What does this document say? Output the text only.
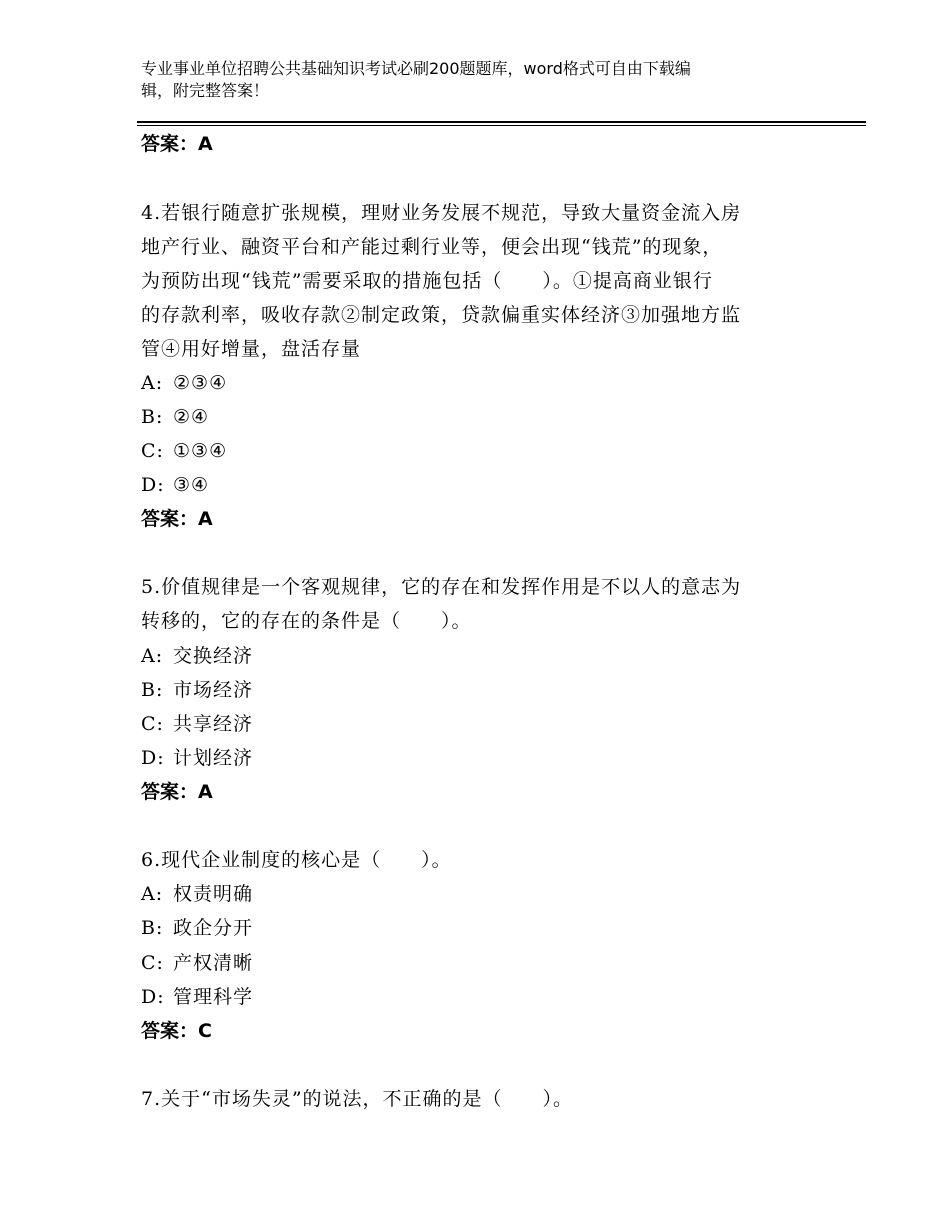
专业事业单位招聘公共基础知识考试必刷200题题库，word格式可自由下载编
辑，附完整答案！
答案：A
4.若银行随意扩张规模，理财业务发展不规范，导致大量资金流入房
地产行业、融资平台和产能过剩行业等，便会出现“钱荒”的现象，
为预防出现“钱荒”需要采取的措施包括（　　）。①提高商业银行
的存款利率，吸收存款②制定政策，贷款偏重实体经济③加强地方监
管④用好增量，盘活存量
A: ②③④
B: ②④
C: ①③④
D: ③④
答案：A
5.价值规律是一个客观规律，它的存在和发挥作用是不以人的意志为
转移的，它的存在的条件是（　　）。
A: 交换经济
B: 市场经济
C: 共享经济
D: 计划经济
答案：A
6.现代企业制度的核心是（　　）。
A: 权责明确
B: 政企分开
C: 产权清晰
D: 管理科学
答案：C
7.关于“市场失灵”的说法，不正确的是（　　）。
